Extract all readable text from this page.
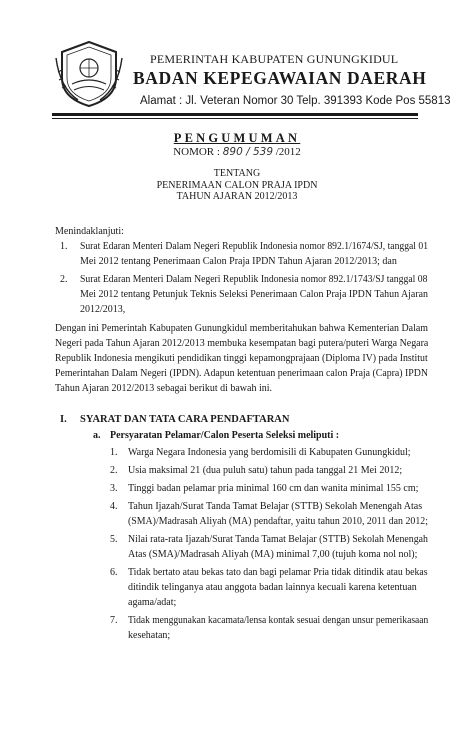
PEMERINTAH KABUPATEN GUNUNGKIDUL
BADAN KEPEGAWAIAN DAERAH
Alamat : Jl. Veteran Nomor 30 Telp. 391393 Kode Pos 55813
PENGUMUMAN
NOMOR : 890 / 539 /2012
TENTANG
PENERIMAAN CALON PRAJA IPDN
TAHUN AJARAN 2012/2013
Menindaklanjuti:
1. Surat Edaran Menteri Dalam Negeri Republik Indonesia nomor 892.1/1674/SJ, tanggal 01
Mei 2012 tentang Penerimaan Calon Praja IPDN Tahun Ajaran 2012/2013; dan
2. Surat Edaran Menteri Dalam Negeri Republik Indonesia nomor 892.1/1743/SJ tanggal 08
Mei 2012 tentang Petunjuk Teknis Seleksi Penerimaan Calon Praja IPDN Tahun Ajaran
2012/2013,
Dengan ini Pemerintah Kabupaten Gunungkidul memberitahukan bahwa Kementerian Dalam
Negeri pada Tahun Ajaran 2012/2013 membuka kesempatan bagi putera/puteri Warga Negara
Republik Indonesia mengikuti pendidikan tinggi kepamongprajaan (Diploma IV) pada Institut
Pemerintahan Dalam Negeri (IPDN). Adapun ketentuan penerimaan calon Praja (Capra) IPDN
Tahun Ajaran 2012/2013 sebagai berikut di bawah ini.
I. SYARAT DAN TATA CARA PENDAFTARAN
a. Persyaratan Pelamar/Calon Peserta Seleksi meliputi :
1. Warga Negara Indonesia yang berdomisili di Kabupaten Gunungkidul;
2. Usia maksimal 21 (dua puluh satu) tahun pada tanggal 21 Mei 2012;
3. Tinggi badan pelamar pria minimal 160 cm dan wanita minimal 155 cm;
4. Tahun Ijazah/Surat Tanda Tamat Belajar (STTB) Sekolah Menengah Atas
(SMA)/Madrasah Aliyah (MA) pendaftar, yaitu tahun 2010, 2011 dan 2012;
5. Nilai rata-rata Ijazah/Surat Tanda Tamat Belajar (STTB) Sekolah Menengah
Atas (SMA)/Madrasah Aliyah (MA) minimal 7,00 (tujuh koma nol nol);
6. Tidak bertato atau bekas tato dan bagi pelamar Pria tidak ditindik atau bekas
ditindik telinganya atau anggota badan lainnya kecuali karena ketentuan
agama/adat;
7. Tidak menggunakan kacamata/lensa kontak sesuai dengan unsur pemerikasaan
kesehatan;
